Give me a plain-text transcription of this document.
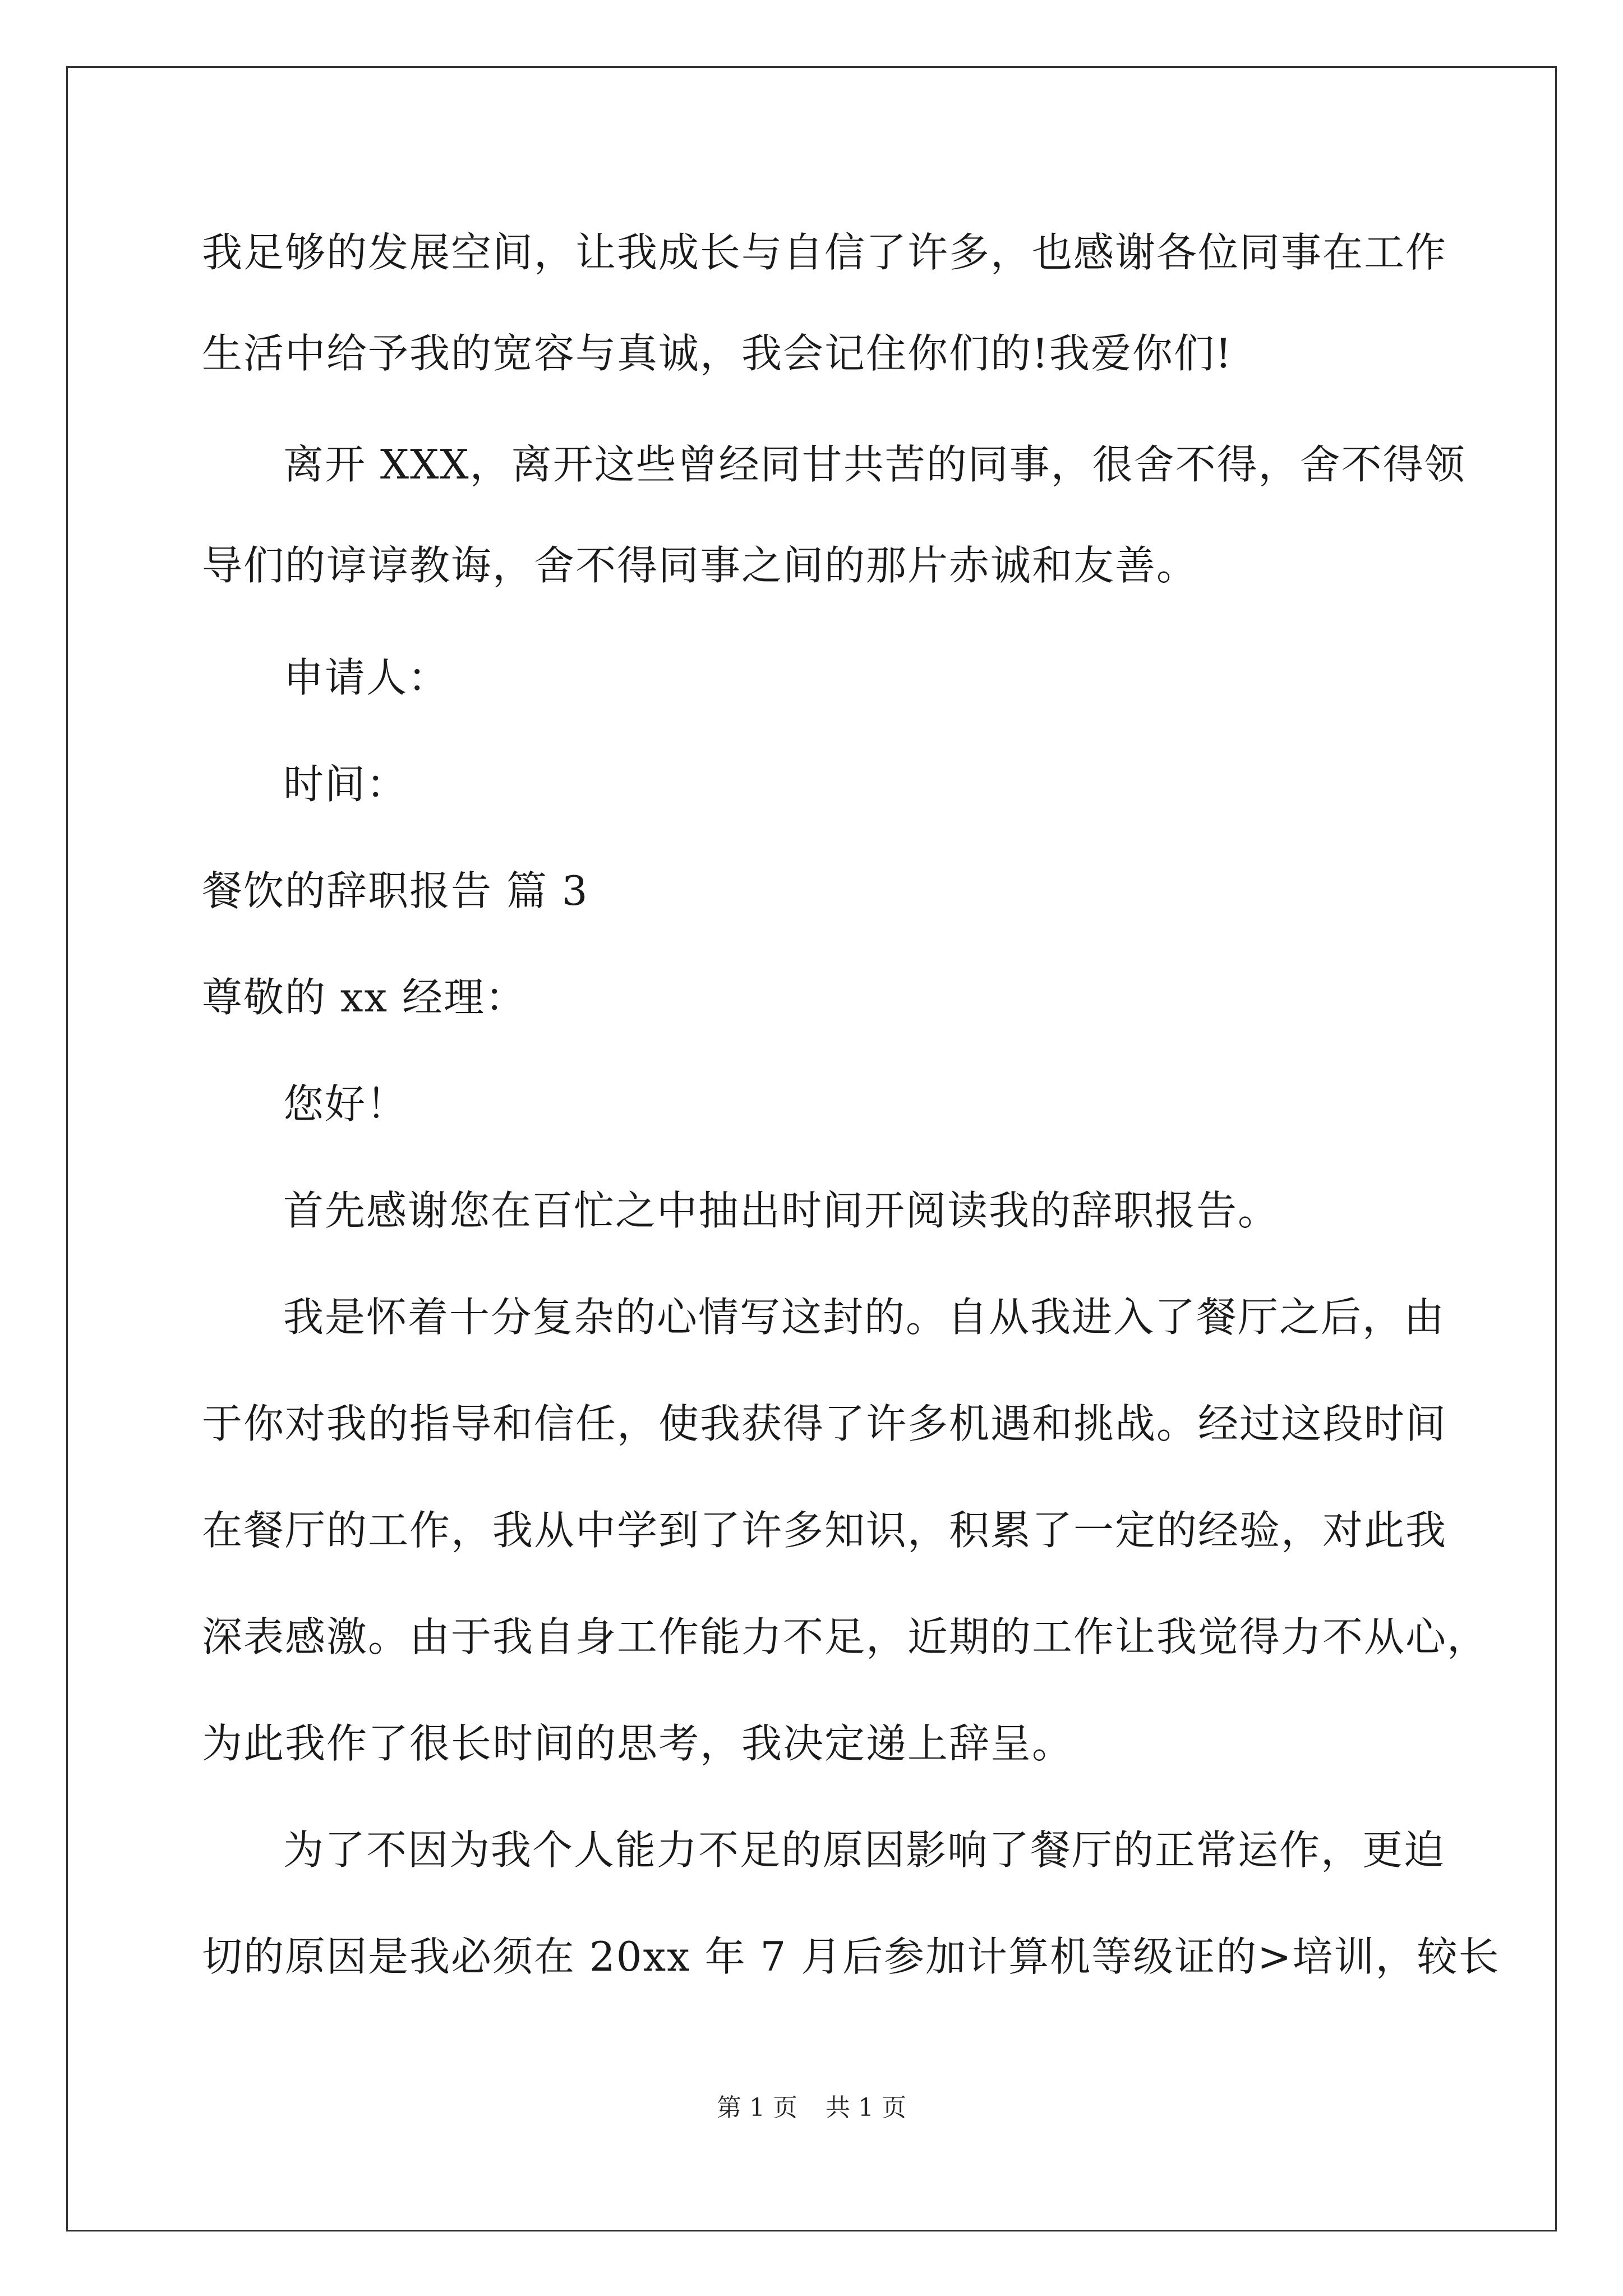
我足够的发展空间，让我成长与自信了许多，也感谢各位同事在工作
生活中给予我的宽容与真诚，我会记住你们的!我爱你们!
离开 XXX，离开这些曾经同甘共苦的同事，很舍不得，舍不得领
导们的谆谆教诲，舍不得同事之间的那片赤诚和友善。
申请人：
时间：
餐饮的辞职报告 篇 3
尊敬的 xx 经理：
您好！
首先感谢您在百忙之中抽出时间开阅读我的辞职报告。
我是怀着十分复杂的心情写这封的。自从我进入了餐厅之后，由
于你对我的指导和信任，使我获得了许多机遇和挑战。经过这段时间
在餐厅的工作，我从中学到了许多知识，积累了一定的经验，对此我
深表感激。由于我自身工作能力不足，近期的工作让我觉得力不从心，
为此我作了很长时间的思考，我决定递上辞呈。
为了不因为我个人能力不足的原因影响了餐厅的正常运作，更迫
切的原因是我必须在 20xx 年 7 月后参加计算机等级证的>培训，较长
第 1 页 共 1 页
